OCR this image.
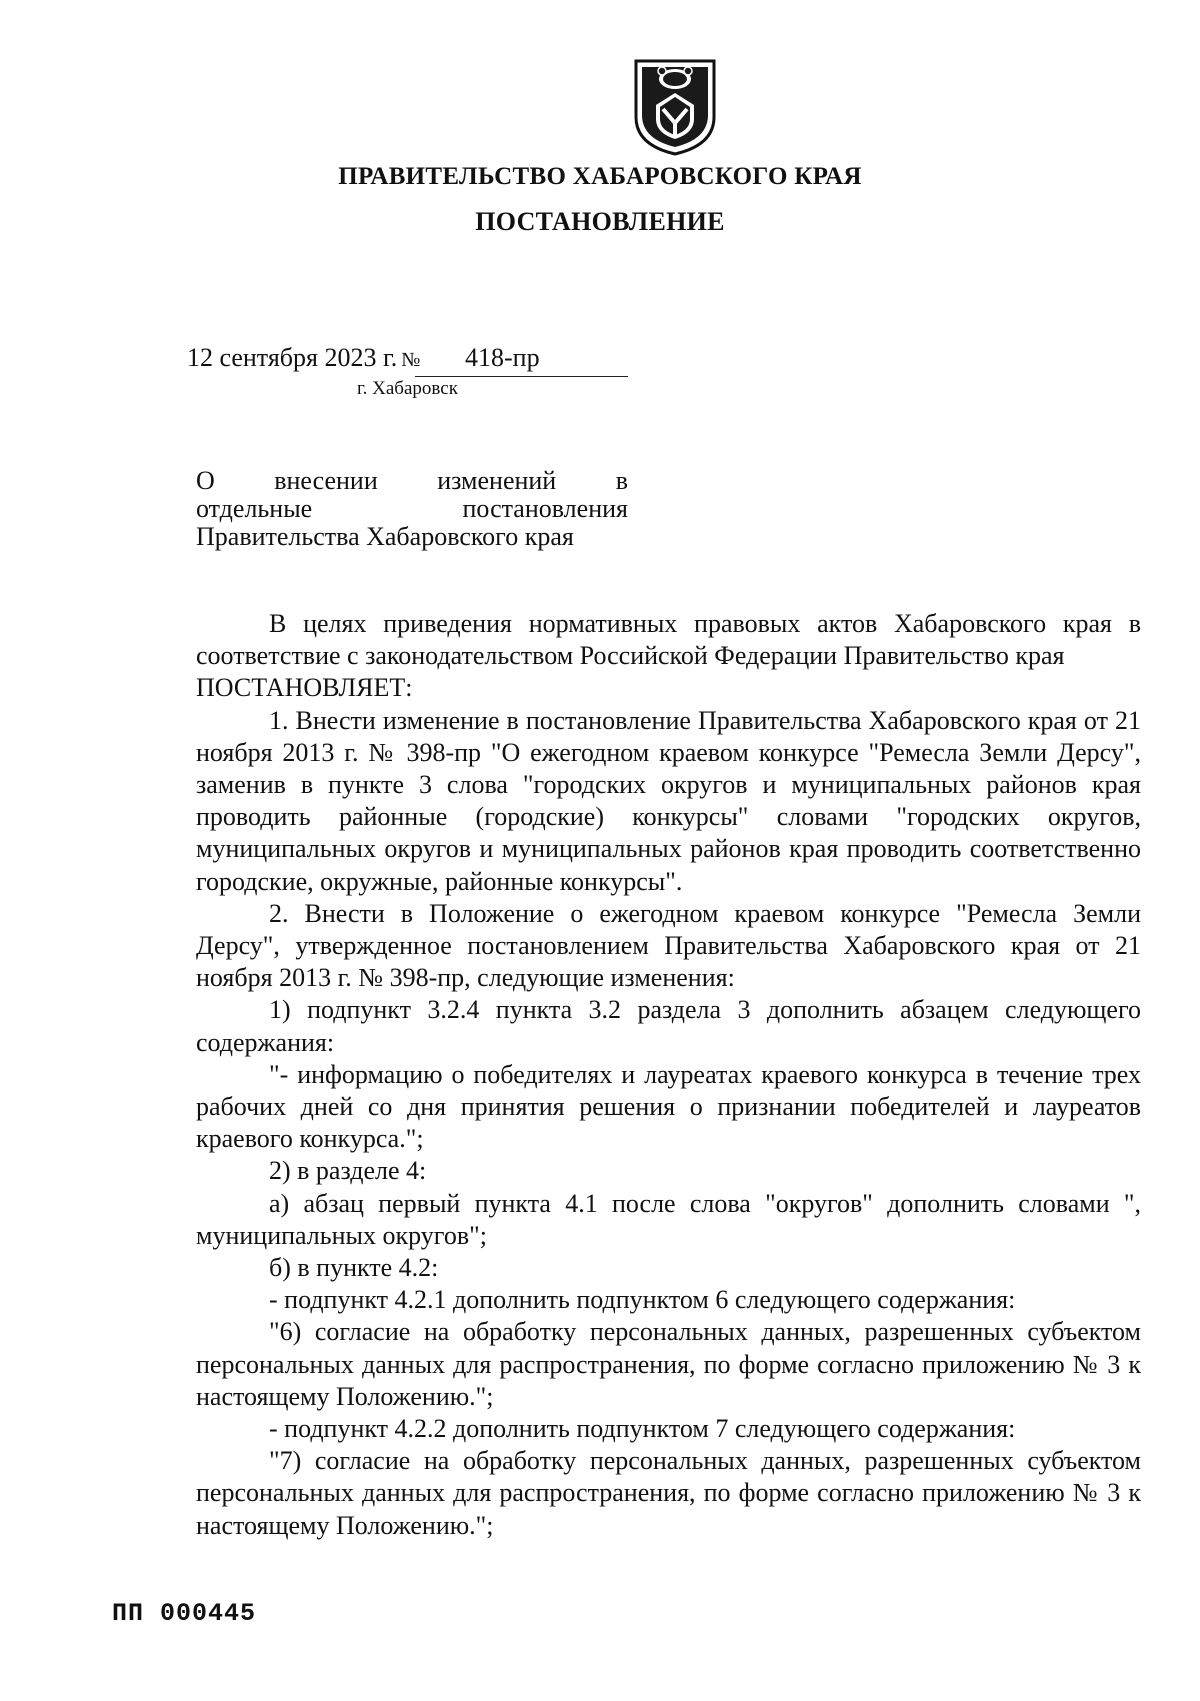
ПРАВИТЕЛЬСТВО ХАБАРОВСКОГО КРАЯ
ПОСТАНОВЛЕНИЕ
12 сентября 2023 г. № 418-пр
г. Хабаровск
О внесении изменений в
отдельные	постановления
Правительства Хабаровского края

В целях приведения нормативных правовых актов Хабаровского края в соответствие с законодательством Российской Федерации Правительство края

ПОСТАНОВЛЯЕТ:

1. Внести изменение в постановление Правительства Хабаровского края от 21 ноября 2013 г. № 398-пр "О ежегодном краевом конкурсе "Ремесла Земли Дерсу", заменив в пункте 3 слова "городских округов и муниципальных районов края проводить районные (городские) конкурсы" словами "городских округов, муниципальных округов и муниципальных районов края проводить соответственно городские, окружные, районные конкурсы".

2. Внести в Положение о ежегодном краевом конкурсе "Ремесла Земли Дерсу", утвержденное постановлением Правительства Хабаровского края от 21 ноября 2013 г. № 398-пр, следующие изменения:

1) подпункт 3.2.4 пункта 3.2 раздела 3 дополнить абзацем следующего содержания:

"- информацию о победителях и лауреатах краевого конкурса в течение трех рабочих дней со дня принятия решения о признании победителей и лауреатов краевого конкурса.";

2) в разделе 4:

а) абзац первый пункта 4.1 после слова "округов" дополнить словами ", муниципальных округов";

б) в пункте 4.2:

- подпункт 4.2.1 дополнить подпунктом 6 следующего содержания:

"6) согласие на обработку персональных данных, разрешенных субъектом персональных данных для распространения, по форме согласно приложению № 3 к настоящему Положению.";

- подпункт 4.2.2 дополнить подпунктом 7 следующего содержания:

"7) согласие на обработку персональных данных, разрешенных субъектом персональных данных для распространения, по форме согласно приложению № 3 к настоящему Положению.";

ПП 000445
